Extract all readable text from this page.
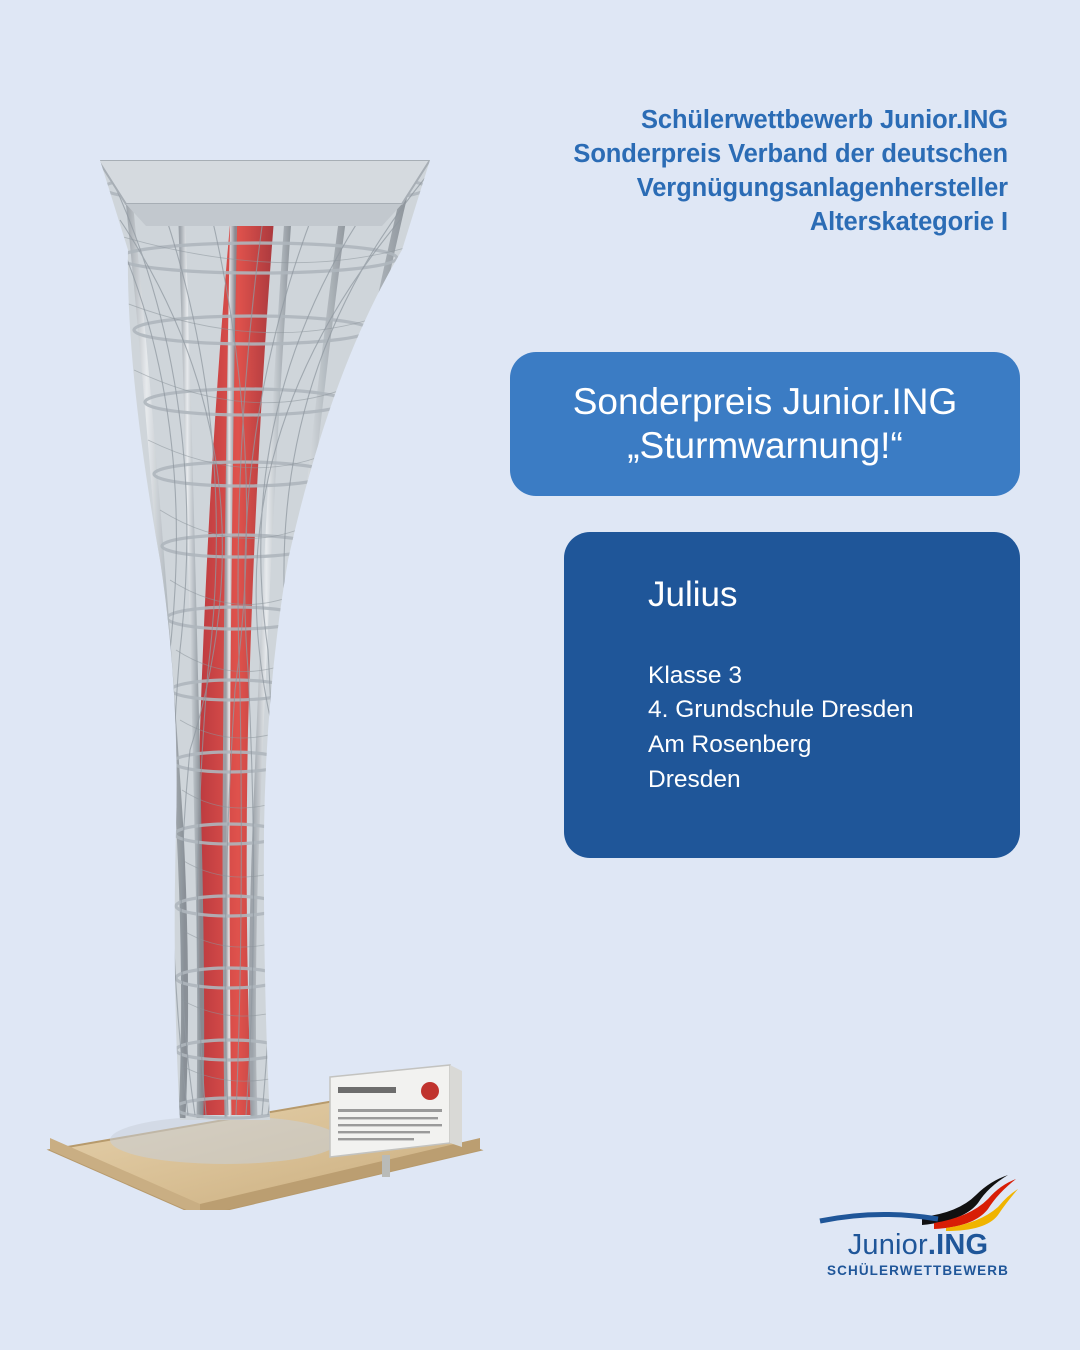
Schülerwettbewerb Junior.ING
Sonderpreis Verband der deutschen
Vergnügungsanlagenhersteller
Alterskategorie I
Sonderpreis Junior.ING
„Sturmwarnung!“
Julius
Klasse 3
4. Grundschule Dresden
Am Rosenberg
Dresden
Junior.ING
SCHÜLERWETTBEWERB
